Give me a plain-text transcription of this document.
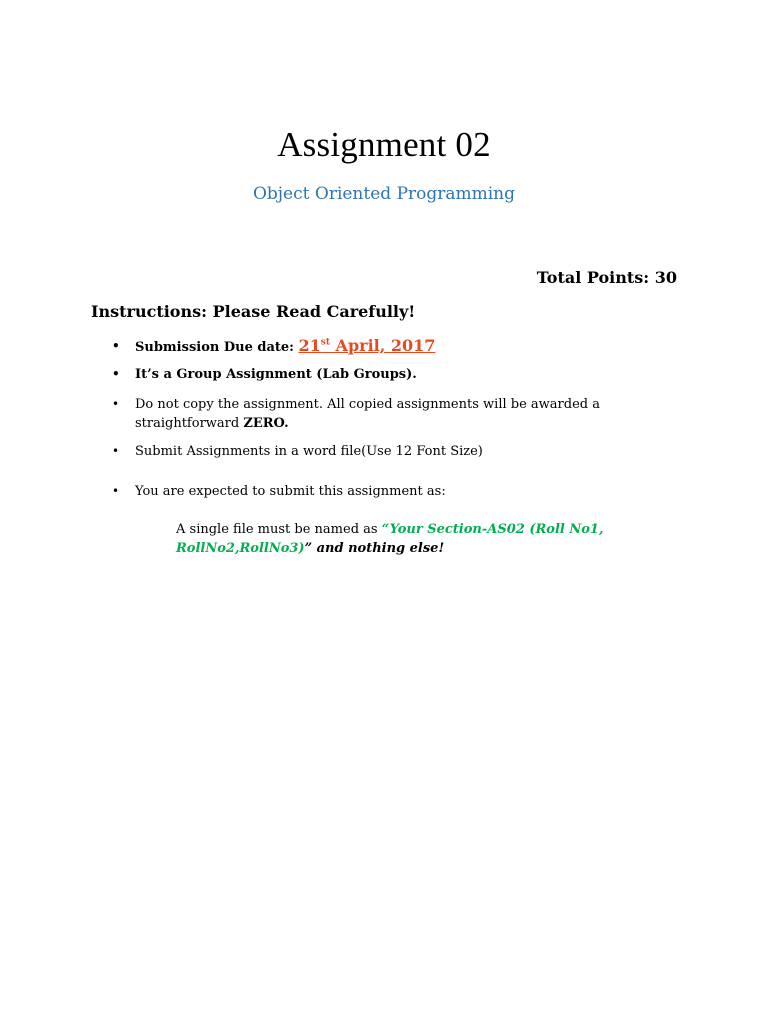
Assignment 02
Object Oriented Programming
Total Points: 30
Instructions: Please Read Carefully!
• Submission Due date: 21st April, 2017
• It’s a Group Assignment (Lab Groups).
• Do not copy the assignment. All copied assignments will be awarded a straightforward ZERO.
• Submit Assignments in a word file(Use 12 Font Size)
• You are expected to submit this assignment as:
A single file must be named as “Your Section-AS02 (Roll No1, RollNo2,RollNo3)” and nothing else!
